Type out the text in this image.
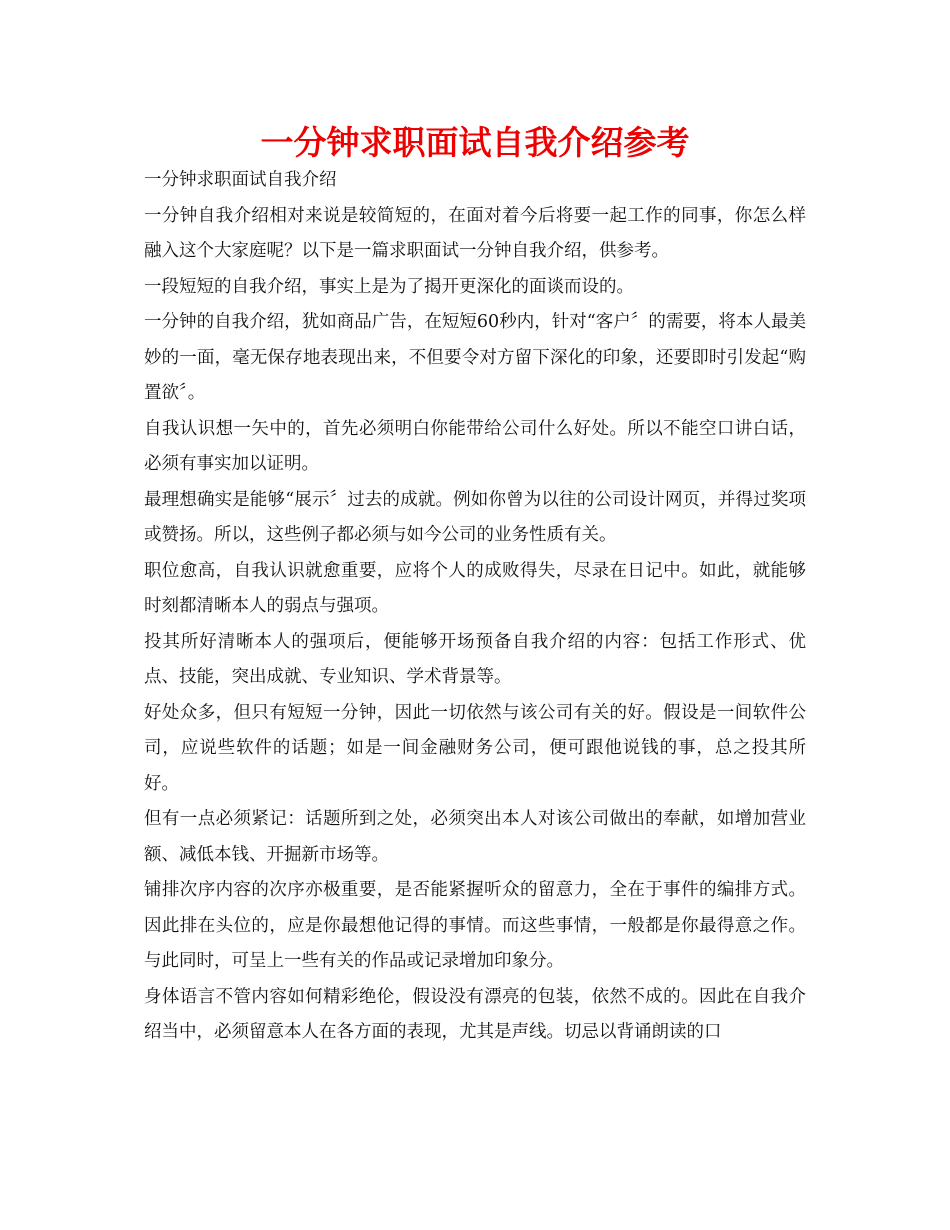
一分钟求职面试自我介绍参考

一分钟求职面试自我介绍

一分钟自我介绍相对来说是较简短的，在面对着今后将要一起工作的同事，你怎么样融入这个大家庭呢？以下是一篇求职面试一分钟自我介绍，供参考。

一段短短的自我介绍，事实上是为了揭开更深化的面谈而设的。

一分钟的自我介绍，犹如商品广告，在短短60秒内，针对“客户〞的需要，将本人最美妙的一面，毫无保存地表现出来，不但要令对方留下深化的印象，还要即时引发起“购置欲〞。

自我认识想一矢中的，首先必须明白你能带给公司什么好处。所以不能空口讲白话，必须有事实加以证明。

最理想确实是能够“展示〞过去的成就。例如你曾为以往的公司设计网页，并得过奖项或赞扬。所以，这些例子都必须与如今公司的业务性质有关。

职位愈高，自我认识就愈重要，应将个人的成败得失，尽录在日记中。如此，就能够时刻都清晰本人的弱点与强项。

投其所好清晰本人的强项后，便能够开场预备自我介绍的内容：包括工作形式、优点、技能，突出成就、专业知识、学术背景等。

好处众多，但只有短短一分钟，因此一切依然与该公司有关的好。假设是一间软件公司，应说些软件的话题；如是一间金融财务公司，便可跟他说钱的事，总之投其所好。

但有一点必须紧记：话题所到之处，必须突出本人对该公司做出的奉献，如增加营业额、减低本钱、开掘新市场等。

铺排次序内容的次序亦极重要，是否能紧握听众的留意力，全在于事件的编排方式。因此排在头位的，应是你最想他记得的事情。而这些事情，一般都是你最得意之作。与此同时，可呈上一些有关的作品或记录增加印象分。

身体语言不管内容如何精彩绝伦，假设没有漂亮的包装，依然不成的。因此在自我介绍当中，必须留意本人在各方面的表现，尤其是声线。切忌以背诵朗读的口
